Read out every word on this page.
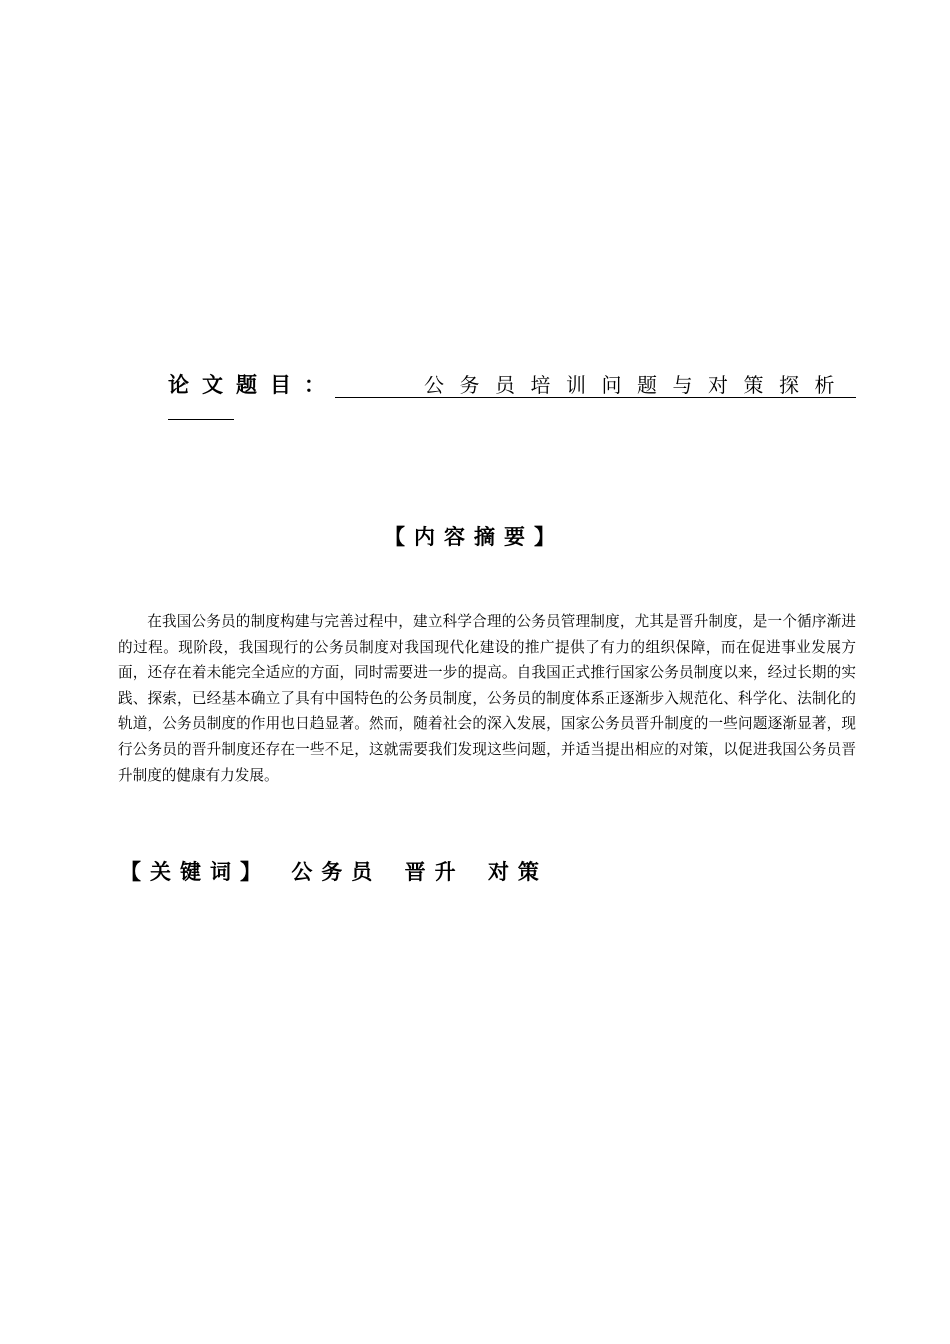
论文题目：	公务员培训问题与对策探析
【内容摘要】

在我国公务员的制度构建与完善过程中，建立科学合理的公务员管理制度，尤其是晋升制度，是一个循序渐进的过程。现阶段，我国现行的公务员制度对我国现代化建设的推广提供了有力的组织保障，而在促进事业发展方面，还存在着未能完全适应的方面，同时需要进一步的提高。自我国正式推行国家公务员制度以来，经过长期的实践、探索，已经基本确立了具有中国特色的公务员制度，公务员的制度体系正逐渐步入规范化、科学化、法制化的轨道，公务员制度的作用也日趋显著。然而，随着社会的深入发展，国家公务员晋升制度的一些问题逐渐显著，现行公务员的晋升制度还存在一些不足，这就需要我们发现这些问题，并适当提出相应的对策，以促进我国公务员晋升制度的健康有力发展。

【关键词】 公务员 晋升 对策
